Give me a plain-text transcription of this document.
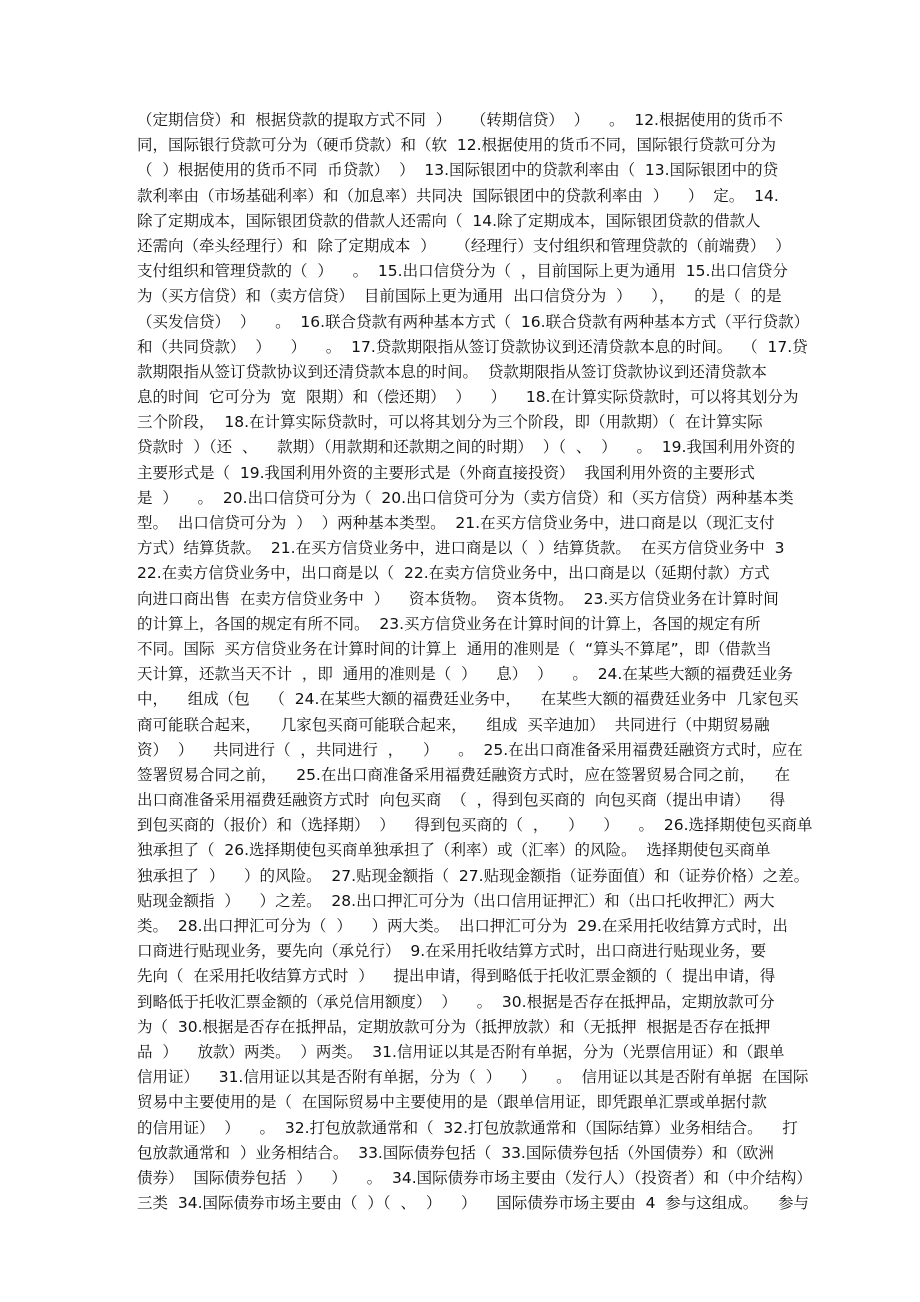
（定期信贷）和  根据贷款的提取方式不同  ）    （转期信贷）  ）    。  12.根据使用的货币不
同，国际银行贷款可分为（硬币贷款）和（软  12.根据使用的货币不同，国际银行贷款可分为
（  ）根据使用的货币不同  币贷款）  ）  13.国际银团中的贷款利率由（  13.国际银团中的贷
款利率由（市场基础利率）和（加息率）共同决  国际银团中的贷款利率由  ）    ）  定。  14.
除了定期成本，国际银团贷款的借款人还需向（  14.除了定期成本，国际银团贷款的借款人
还需向（牵头经理行）和  除了定期成本  ）    （经理行）支付组织和管理贷款的（前端费）  ）
支付组织和管理贷款的（  ）    。  15.出口信贷分为（  ，目前国际上更为通用  15.出口信贷分
为（买方信贷）和（卖方信贷）  目前国际上更为通用  出口信贷分为  ）    ），    的是（  的是
（买发信贷）  ）    。  16.联合贷款有两种基本方式（  16.联合贷款有两种基本方式（平行贷款）
和（共同贷款）  ）    ）    。  17.贷款期限指从签订贷款协议到还清贷款本息的时间。  （  17.贷
款期限指从签订贷款协议到还清贷款本息的时间。  贷款期限指从签订贷款协议到还清贷款本
息的时间  它可分为  宽  限期）和（偿还期）  ）    ）    18.在计算实际贷款时，可以将其划分为
三个阶段，  18.在计算实际贷款时，可以将其划分为三个阶段，即（用款期）（  在计算实际
贷款时  ）（还  、    款期）（用款期和还款期之间的时期）  ）（  、  ）    。  19.我国利用外资的
主要形式是（  19.我国利用外资的主要形式是（外商直接投资）  我国利用外资的主要形式
是  ）    。  20.出口信贷可分为（  20.出口信贷可分为（卖方信贷）和（买方信贷）两种基本类
型。  出口信贷可分为  ）  ）两种基本类型。  21.在买方信贷业务中，进口商是以（现汇支付
方式）结算货款。  21.在买方信贷业务中，进口商是以（  ）结算货款。  在买方信贷业务中  3
22.在卖方信贷业务中，出口商是以（  22.在卖方信贷业务中，出口商是以（延期付款）方式
向进口商出售  在卖方信贷业务中  ）    资本货物。  资本货物。  23.买方信贷业务在计算时间
的计算上，各国的规定有所不同。  23.买方信贷业务在计算时间的计算上，各国的规定有所
不同。国际  买方信贷业务在计算时间的计算上  通用的准则是（  “算头不算尾”，即（借款当
天计算，还款当天不计  ，即  通用的准则是（  ）    息）  ）    。  24.在某些大额的福费廷业务
中，    组成（包    （  24.在某些大额的福费廷业务中，    在某些大额的福费廷业务中  几家包买
商可能联合起来，    几家包买商可能联合起来，    组成  买辛迪加）  共同进行（中期贸易融
资）  ）    共同进行（  ，共同进行  ，    ）    。  25.在出口商准备采用福费廷融资方式时，应在
签署贸易合同之前，    25.在出口商准备采用福费廷融资方式时，应在签署贸易合同之前，    在
出口商准备采用福费廷融资方式时  向包买商  （  ，得到包买商的  向包买商（提出申请）    得
到包买商的（报价）和（选择期）  ）    得到包买商的（  ，    ）    ）    。  26.选择期使包买商单
独承担了（  26.选择期使包买商单独承担了（利率）或（汇率）的风险。  选择期使包买商单
独承担了  ）    ）的风险。  27.贴现金额指（  27.贴现金额指（证券面值）和（证券价格）之差。
贴现金额指  ）    ）之差。  28.出口押汇可分为（出口信用证押汇）和（出口托收押汇）两大
类。  28.出口押汇可分为（  ）    ）两大类。  出口押汇可分为  29.在采用托收结算方式时，出
口商进行贴现业务，要先向（承兑行）  9.在采用托收结算方式时，出口商进行贴现业务，要
先向（  在采用托收结算方式时  ）    提出申请，得到略低于托收汇票金额的（  提出申请，得
到略低于托收汇票金额的（承兑信用额度）  ）    。  30.根据是否存在抵押品，定期放款可分
为（  30.根据是否存在抵押品，定期放款可分为（抵押放款）和（无抵押  根据是否存在抵押
品  ）    放款）两类。  ）两类。  31.信用证以其是否附有单据，分为（光票信用证）和（跟单
信用证）    31.信用证以其是否附有单据，分为（  ）    ）    。  信用证以其是否附有单据  在国际
贸易中主要使用的是（  在国际贸易中主要使用的是（跟单信用证，即凭跟单汇票或单据付款
的信用证）  ）    。  32.打包放款通常和（  32.打包放款通常和（国际结算）业务相结合。    打
包放款通常和  ）业务相结合。  33.国际债券包括（  33.国际债券包括（外国债券）和（欧洲
债券）  国际债券包括  ）    ）    。  34.国际债券市场主要由（发行人）（投资者）和（中介结构）
三类  34.国际债券市场主要由（  ）（  、  ）    ）    国际债券市场主要由  4  参与这组成。    参与
